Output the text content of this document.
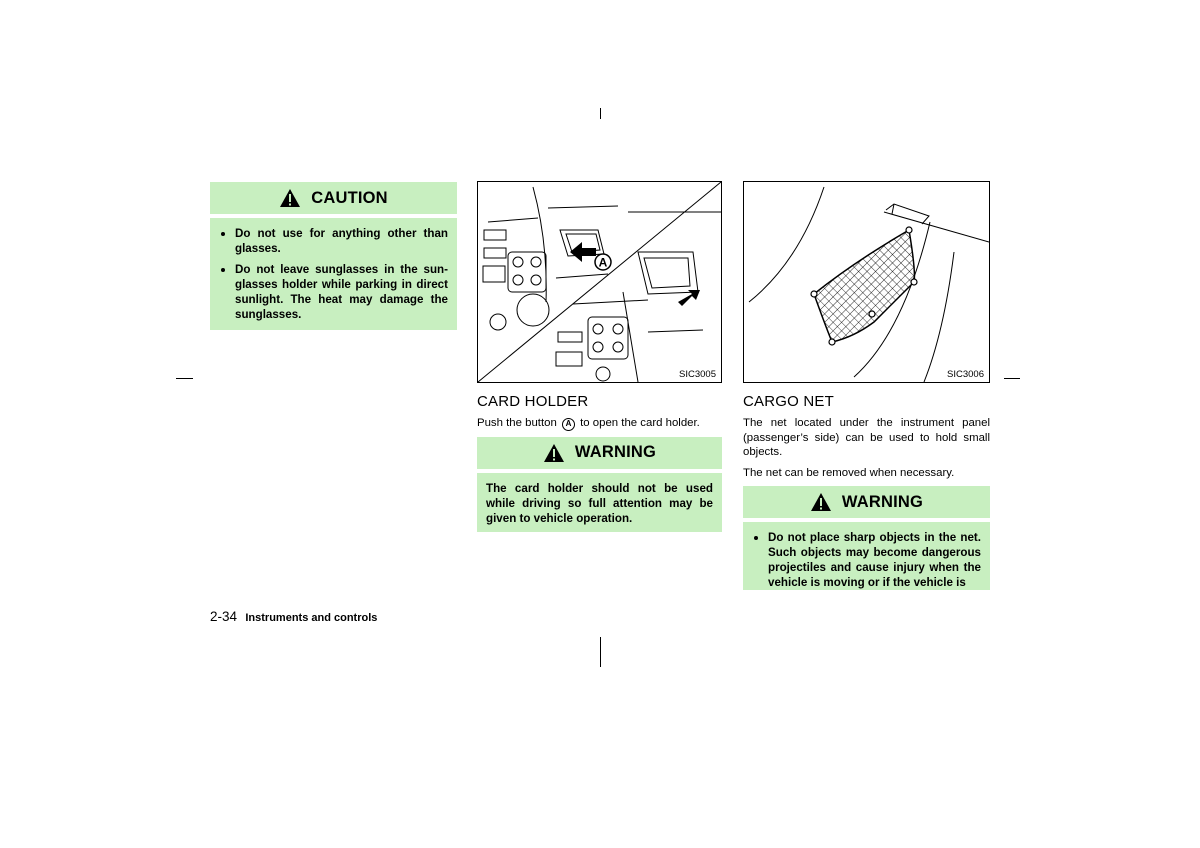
CAUTION
Do not use for anything other than glasses.
Do not leave sunglasses in the sun-glasses holder while parking in direct sunlight. The heat may damage the sunglasses.
A
SIC3005
CARD HOLDER

Push the button A to open the card holder.

WARNING
The card holder should not be used while driving so full attention may be given to vehicle operation.
SIC3006
CARGO NET

The net located under the instrument panel (passenger’s side) can be used to hold small objects.

The net can be removed when necessary.

WARNING
Do not place sharp objects in the net. Such objects may become dangerous projectiles and cause injury when the vehicle is moving or if the vehicle is
2-34 Instruments and controls
